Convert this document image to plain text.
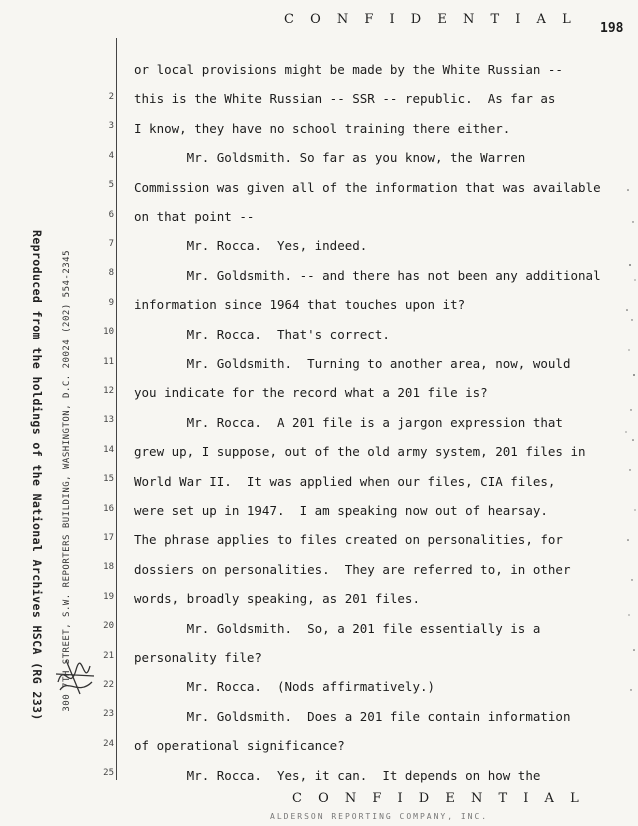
C O N F I D E N T I A L
198
Reproduced from the holdings of the National Archives HSCA (RG 233) 300 7TH STREET, S.W. REPORTERS BUILDING, WASHINGTON, D.C. 20024 (202) 554-2345
2
3
4
5
6
7
8
9
10
11
12
13
14
15
16
17
18
19
20
21
22
23
24
25
or local provisions might be made by the White Russian --
this is the White Russian -- SSR -- republic.  As far as
I know, they have no school training there either.
Mr. Goldsmith. So far as you know, the Warren
Commission was given all of the information that was available
on that point --
Mr. Rocca.  Yes, indeed.
Mr. Goldsmith. -- and there has not been any additional
information since 1964 that touches upon it?
Mr. Rocca.  That's correct.
Mr. Goldsmith.  Turning to another area, now, would
you indicate for the record what a 201 file is?
Mr. Rocca.  A 201 file is a jargon expression that
grew up, I suppose, out of the old army system, 201 files in
World War II.  It was applied when our files, CIA files,
were set up in 1947.  I am speaking now out of hearsay.
The phrase applies to files created on personalities, for
dossiers on personalities.  They are referred to, in other
words, broadly speaking, as 201 files.
Mr. Goldsmith.  So, a 201 file essentially is a
personality file?
Mr. Rocca.  (Nods affirmatively.)
Mr. Goldsmith.  Does a 201 file contain information
of operational significance?
Mr. Rocca.  Yes, it can.  It depends on how the
C O N F I D E N T I A L
ALDERSON REPORTING COMPANY, INC.
